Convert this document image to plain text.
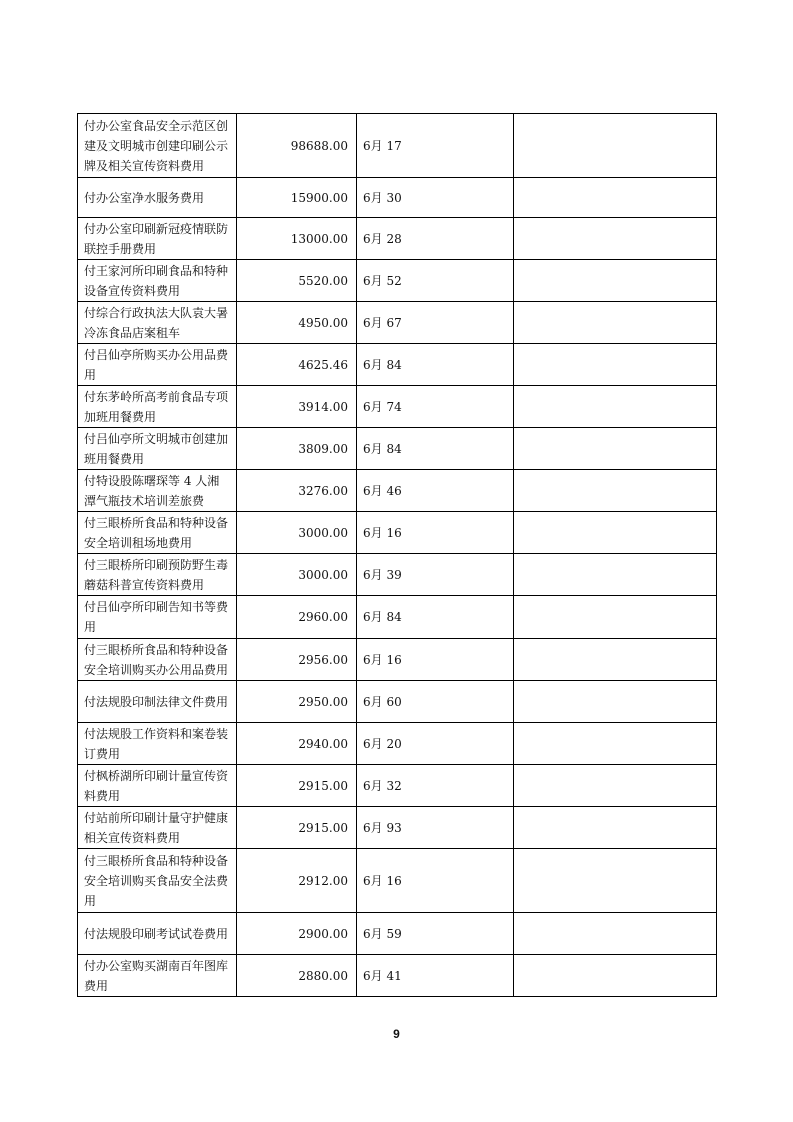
付办公室食品安全示范区创建及文明城市创建印刷公示牌及相关宣传资料费用	98688.00	6月 17	
付办公室净水服务费用	15900.00	6月 30	
付办公室印刷新冠疫情联防联控手册费用	13000.00	6月 28	
付王家河所印刷食品和特种设备宣传资料费用	5520.00	6月 52	
付综合行政执法大队袁大暑冷冻食品店案租车	4950.00	6月 67	
付吕仙亭所购买办公用品费用	4625.46	6月 84	
付东茅岭所高考前食品专项加班用餐费用	3914.00	6月 74	
付吕仙亭所文明城市创建加班用餐费用	3809.00	6月 84	
付特设股陈曙琛等 4 人湘潭气瓶技术培训差旅费	3276.00	6月 46	
付三眼桥所食品和特种设备安全培训租场地费用	3000.00	6月 16	
付三眼桥所印刷预防野生毒蘑菇科普宣传资料费用	3000.00	6月 39	
付吕仙亭所印刷告知书等费用	2960.00	6月 84	
付三眼桥所食品和特种设备安全培训购买办公用品费用	2956.00	6月 16	
付法规股印制法律文件费用	2950.00	6月 60	
付法规股工作资料和案卷装订费用	2940.00	6月 20	
付枫桥湖所印刷计量宣传资料费用	2915.00	6月 32	
付站前所印刷计量守护健康相关宣传资料费用	2915.00	6月 93	
付三眼桥所食品和特种设备安全培训购买食品安全法费用	2912.00	6月 16	
付法规股印刷考试试卷费用	2900.00	6月 59	
付办公室购买湖南百年图库费用	2880.00	6月 41	
9
